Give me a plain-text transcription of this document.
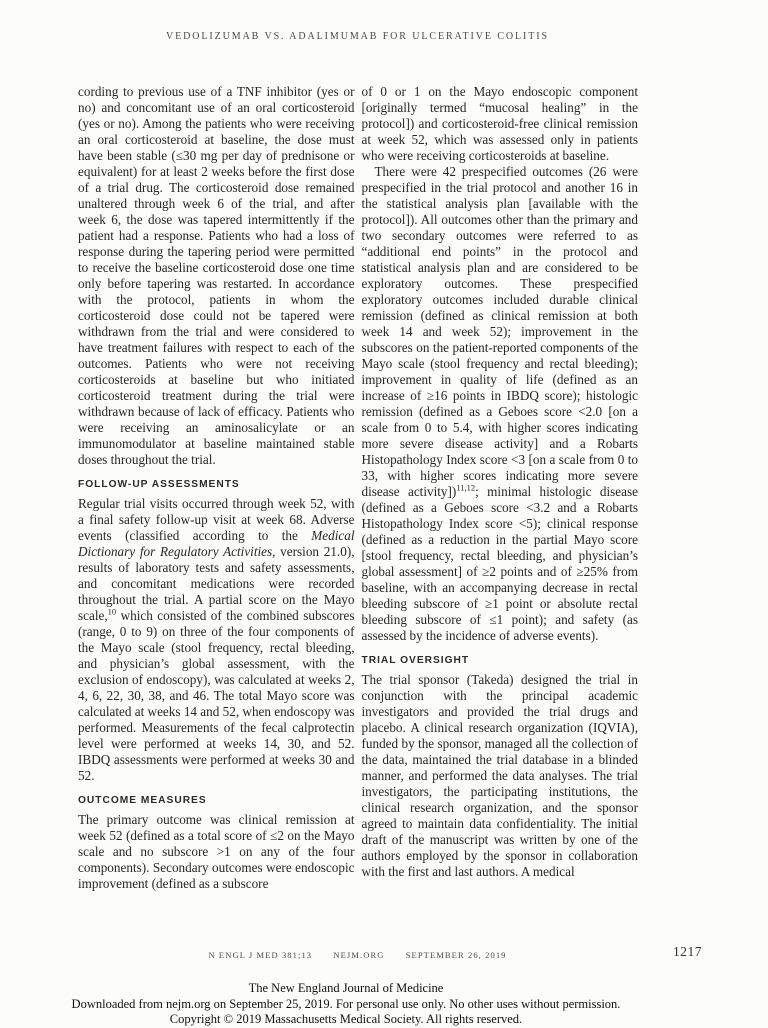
VEDOLIZUMAB VS. ADALIMUMAB FOR ULCERATIVE COLITIS

cording to previous use of a TNF inhibitor (yes or no) and concomitant use of an oral corticosteroid (yes or no). Among the patients who were receiving an oral corticosteroid at baseline, the dose must have been stable (≤30 mg per day of prednisone or equivalent) for at least 2 weeks before the first dose of a trial drug. The corticosteroid dose remained unaltered through week 6 of the trial, and after week 6, the dose was tapered intermittently if the patient had a response. Patients who had a loss of response during the tapering period were permitted to receive the baseline corticosteroid dose one time only before tapering was restarted. In accordance with the protocol, patients in whom the corticosteroid dose could not be tapered were withdrawn from the trial and were considered to have treatment failures with respect to each of the outcomes. Patients who were not receiving corticosteroids at baseline but who initiated corticosteroid treatment during the trial were withdrawn because of lack of efficacy. Patients who were receiving an aminosalicylate or an immunomodulator at baseline maintained stable doses throughout the trial.

FOLLOW-UP ASSESSMENTS

Regular trial visits occurred through week 52, with a final safety follow-up visit at week 68. Adverse events (classified according to the Medical Dictionary for Regulatory Activities, version 21.0), results of laboratory tests and safety assessments, and concomitant medications were recorded throughout the trial. A partial score on the Mayo scale,$^{10}$ which consisted of the combined subscores (range, 0 to 9) on three of the four components of the Mayo scale (stool frequency, rectal bleeding, and physician’s global assessment, with the exclusion of endoscopy), was calculated at weeks 2, 4, 6, 22, 30, 38, and 46. The total Mayo score was calculated at weeks 14 and 52, when endoscopy was performed. Measurements of the fecal calprotectin level were performed at weeks 14, 30, and 52. IBDQ assessments were performed at weeks 30 and 52.

OUTCOME MEASURES

The primary outcome was clinical remission at week 52 (defined as a total score of ≤2 on the Mayo scale and no subscore >1 on any of the four components). Secondary outcomes were endoscopic improvement (defined as a subscore

of 0 or 1 on the Mayo endoscopic component [originally termed “mucosal healing” in the protocol]) and corticosteroid-free clinical remission at week 52, which was assessed only in patients who were receiving corticosteroids at baseline.

There were 42 prespecified outcomes (26 were prespecified in the trial protocol and another 16 in the statistical analysis plan [available with the protocol]). All outcomes other than the primary and two secondary outcomes were referred to as “additional end points” in the protocol and statistical analysis plan and are considered to be exploratory outcomes. These prespecified exploratory outcomes included durable clinical remission (defined as clinical remission at both week 14 and week 52); improvement in the subscores on the patient-reported components of the Mayo scale (stool frequency and rectal bleeding); improvement in quality of life (defined as an increase of ≥16 points in IBDQ score); histologic remission (defined as a Geboes score <2.0 [on a scale from 0 to 5.4, with higher scores indicating more severe disease activity] and a Robarts Histopathology Index score <3 [on a scale from 0 to 33, with higher scores indicating more severe disease activity])$^{11,12}$; minimal histologic disease (defined as a Geboes score <3.2 and a Robarts Histopathology Index score <5); clinical response (defined as a reduction in the partial Mayo score [stool frequency, rectal bleeding, and physician’s global assessment] of ≥2 points and of ≥25% from baseline, with an accompanying decrease in rectal bleeding subscore of ≥1 point or absolute rectal bleeding subscore of ≤1 point); and safety (as assessed by the incidence of adverse events).

TRIAL OVERSIGHT

The trial sponsor (Takeda) designed the trial in conjunction with the principal academic investigators and provided the trial drugs and placebo. A clinical research organization (IQVIA), funded by the sponsor, managed all the collection of the data, maintained the trial database in a blinded manner, and performed the data analyses. The trial investigators, the participating institutions, the clinical research organization, and the sponsor agreed to maintain data confidentiality. The initial draft of the manuscript was written by one of the authors employed by the sponsor in collaboration with the first and last authors. A medical

N ENGL J MED 381;13 NEJM.ORG SEPTEMBER 26, 2019	1217
The New England Journal of Medicine
Downloaded from nejm.org on September 25, 2019. For personal use only. No other uses without permission.
Copyright © 2019 Massachusetts Medical Society. All rights reserved.
